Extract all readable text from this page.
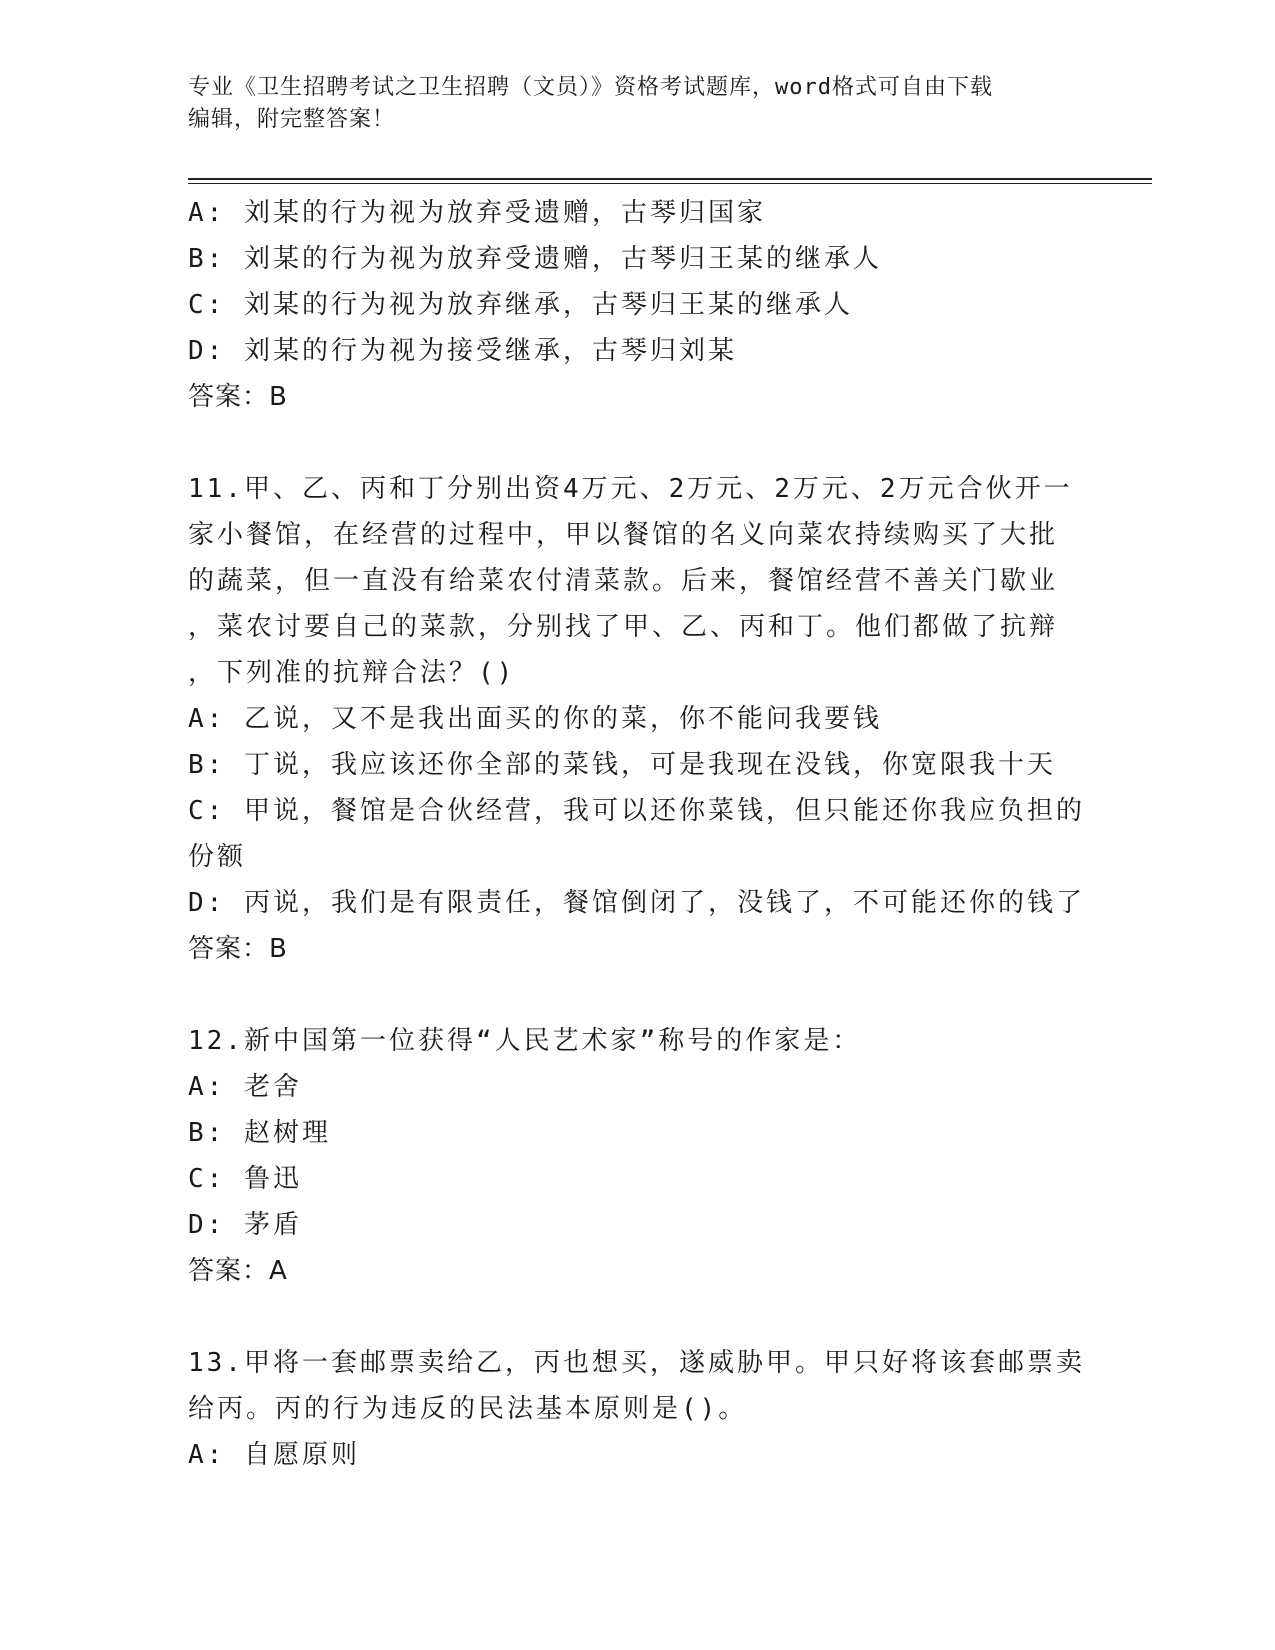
专业《卫生招聘考试之卫生招聘（文员）》资格考试题库，word格式可自由下载
编辑，附完整答案！
A: 刘某的行为视为放弃受遗赠，古琴归国家
B: 刘某的行为视为放弃受遗赠，古琴归王某的继承人
C: 刘某的行为视为放弃继承，古琴归王某的继承人
D: 刘某的行为视为接受继承，古琴归刘某
答案：B
11.甲、乙、丙和丁分别出资4万元、2万元、2万元、2万元合伙开一
家小餐馆，在经营的过程中，甲以餐馆的名义向菜农持续购买了大批
的蔬菜，但一直没有给菜农付清菜款。后来，餐馆经营不善关门歇业
，菜农讨要自己的菜款，分别找了甲、乙、丙和丁。他们都做了抗辩
，下列准的抗辩合法？()
A: 乙说，又不是我出面买的你的菜，你不能问我要钱
B: 丁说，我应该还你全部的菜钱，可是我现在没钱，你宽限我十天
C: 甲说，餐馆是合伙经营，我可以还你菜钱，但只能还你我应负担的
份额
D: 丙说，我们是有限责任，餐馆倒闭了，没钱了，不可能还你的钱了
答案：B
12.新中国第一位获得“人民艺术家”称号的作家是：
A: 老舍
B: 赵树理
C: 鲁迅
D: 茅盾
答案：A
13.甲将一套邮票卖给乙，丙也想买，遂威胁甲。甲只好将该套邮票卖
给丙。丙的行为违反的民法基本原则是()。
A: 自愿原则
